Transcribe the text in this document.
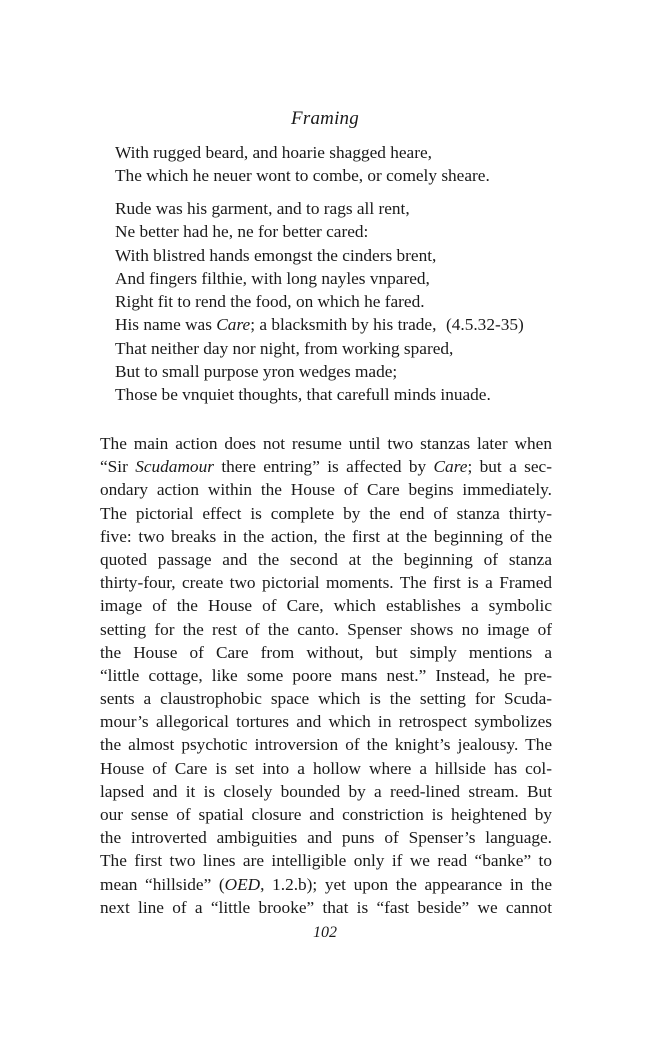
Framing
With rugged beard, and hoarie shagged heare,
The which he neuer wont to combe, or comely sheare.
Rude was his garment, and to rags all rent,
Ne better had he, ne for better cared:
With blistred hands emongst the cinders brent,
And fingers filthie, with long nayles vnpared,
Right fit to rend the food, on which he fared.
His name was Care; a blacksmith by his trade,
That neither day nor night, from working spared,
But to small purpose yron wedges made;
Those be vnquiet thoughts, that carefull minds inuade.
(4.5.32-35)
The main action does not resume until two stanzas later when
“Sir Scudamour there entring” is affected by Care; but a sec-
ondary action within the House of Care begins immediately.
The pictorial effect is complete by the end of stanza thirty-
five: two breaks in the action, the first at the beginning of the
quoted passage and the second at the beginning of stanza
thirty-four, create two pictorial moments. The first is a Framed
image of the House of Care, which establishes a symbolic
setting for the rest of the canto. Spenser shows no image of
the House of Care from without, but simply mentions a
“little cottage, like some poore mans nest.” Instead, he pre-
sents a claustrophobic space which is the setting for Scuda-
mour’s allegorical tortures and which in retrospect symbolizes
the almost psychotic introversion of the knight’s jealousy. The
House of Care is set into a hollow where a hillside has col-
lapsed and it is closely bounded by a reed-lined stream. But
our sense of spatial closure and constriction is heightened by
the introverted ambiguities and puns of Spenser’s language.
The first two lines are intelligible only if we read “banke” to
mean “hillside” (OED, 1.2.b); yet upon the appearance in the
next line of a “little brooke” that is “fast beside” we cannot
102
